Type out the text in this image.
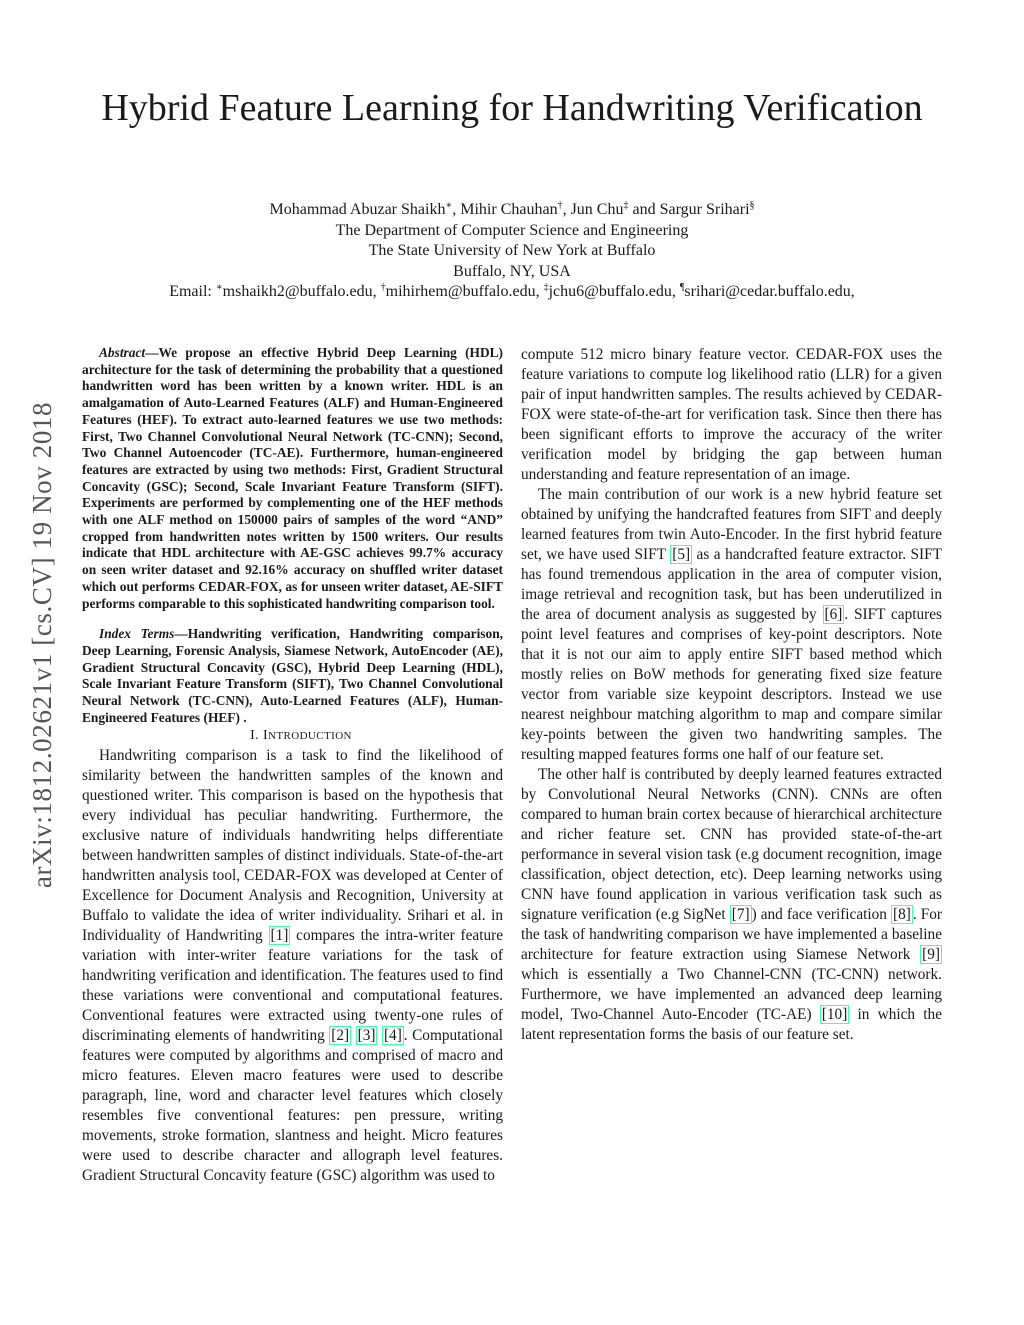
arXiv:1812.02621v1 [cs.CV] 19 Nov 2018
Hybrid Feature Learning for Handwriting Verification
Mohammad Abuzar Shaikh∗, Mihir Chauhan†, Jun Chu‡ and Sargur Srihari§
The Department of Computer Science and Engineering
The State University of New York at Buffalo
Buffalo, NY, USA
Email: ∗mshaikh2@buffalo.edu, †mihirhem@buffalo.edu, ‡jchu6@buffalo.edu, ¶srihari@cedar.buffalo.edu,

Abstract—We propose an effective Hybrid Deep Learning (HDL) architecture for the task of determining the probability that a questioned handwritten word has been written by a known writer. HDL is an amalgamation of Auto-Learned Features (ALF) and Human-Engineered Features (HEF). To extract auto-learned features we use two methods: First, Two Channel Convolutional Neural Network (TC-CNN); Second, Two Channel Autoencoder (TC-AE). Furthermore, human-engineered features are extracted by using two methods: First, Gradient Structural Concavity (GSC); Second, Scale Invariant Feature Transform (SIFT). Experiments are performed by complementing one of the HEF methods with one ALF method on 150000 pairs of samples of the word “AND” cropped from handwritten notes written by 1500 writers. Our results indicate that HDL architecture with AE-GSC achieves 99.7% accuracy on seen writer dataset and 92.16% accuracy on shuffled writer dataset which out performs CEDAR-FOX, as for unseen writer dataset, AE-SIFT performs comparable to this sophisticated handwriting comparison tool.

Index Terms—Handwriting verification, Handwriting comparison, Deep Learning, Forensic Analysis, Siamese Network, AutoEncoder (AE), Gradient Structural Concavity (GSC), Hybrid Deep Learning (HDL), Scale Invariant Feature Transform (SIFT), Two Channel Convolutional Neural Network (TC-CNN), Auto-Learned Features (ALF), Human-Engineered Features (HEF) .

I. INTRODUCTION

Handwriting comparison is a task to find the likelihood of similarity between the handwritten samples of the known and questioned writer. This comparison is based on the hypothesis that every individual has peculiar handwriting. Furthermore, the exclusive nature of individuals handwriting helps differentiate between handwritten samples of distinct individuals. State-of-the-art handwritten analysis tool, CEDAR-FOX was developed at Center of Excellence for Document Analysis and Recognition, University at Buffalo to validate the idea of writer individuality. Srihari et al. in Individuality of Handwriting [1] compares the intra-writer feature variation with inter-writer feature variations for the task of handwriting verification and identification. The features used to find these variations were conventional and computational features. Conventional features were extracted using twenty-one rules of discriminating elements of handwriting [2] [3] [4] . Computational features were computed by algorithms and comprised of macro and micro features. Eleven macro features were used to describe paragraph, line, word and character level features which closely resembles five conventional features: pen pressure, writing movements, stroke formation, slantness and height. Micro features were used to describe character and allograph level features. Gradient Structural Concavity feature (GSC) algorithm was used to

compute 512 micro binary feature vector. CEDAR-FOX uses the feature variations to compute log likelihood ratio (LLR) for a given pair of input handwritten samples. The results achieved by CEDAR-FOX were state-of-the-art for verification task. Since then there has been significant efforts to improve the accuracy of the writer verification model by bridging the gap between human understanding and feature representation of an image.

The main contribution of our work is a new hybrid feature set obtained by unifying the handcrafted features from SIFT and deeply learned features from twin Auto-Encoder. In the first hybrid feature set, we have used SIFT [5] as a handcrafted feature extractor. SIFT has found tremendous application in the area of computer vision, image retrieval and recognition task, but has been underutilized in the area of document analysis as suggested by [6] . SIFT captures point level features and comprises of key-point descriptors. Note that it is not our aim to apply entire SIFT based method which mostly relies on BoW methods for generating fixed size feature vector from variable size keypoint descriptors. Instead we use nearest neighbour matching algorithm to map and compare similar key-points between the given two handwriting samples. The resulting mapped features forms one half of our feature set.

The other half is contributed by deeply learned features extracted by Convolutional Neural Networks (CNN). CNNs are often compared to human brain cortex because of hierarchical architecture and richer feature set. CNN has provided state-of-the-art performance in several vision task (e.g document recognition, image classification, object detection, etc). Deep learning networks using CNN have found application in various verification task such as signature verification (e.g SigNet [7] ) and face verification [8] . For the task of handwriting comparison we have implemented a baseline architecture for feature extraction using Siamese Network [9] which is essentially a Two Channel-CNN (TC-CNN) network. Furthermore, we have implemented an advanced deep learning model, Two-Channel Auto-Encoder (TC-AE) [10] in which the latent representation forms the basis of our feature set.
